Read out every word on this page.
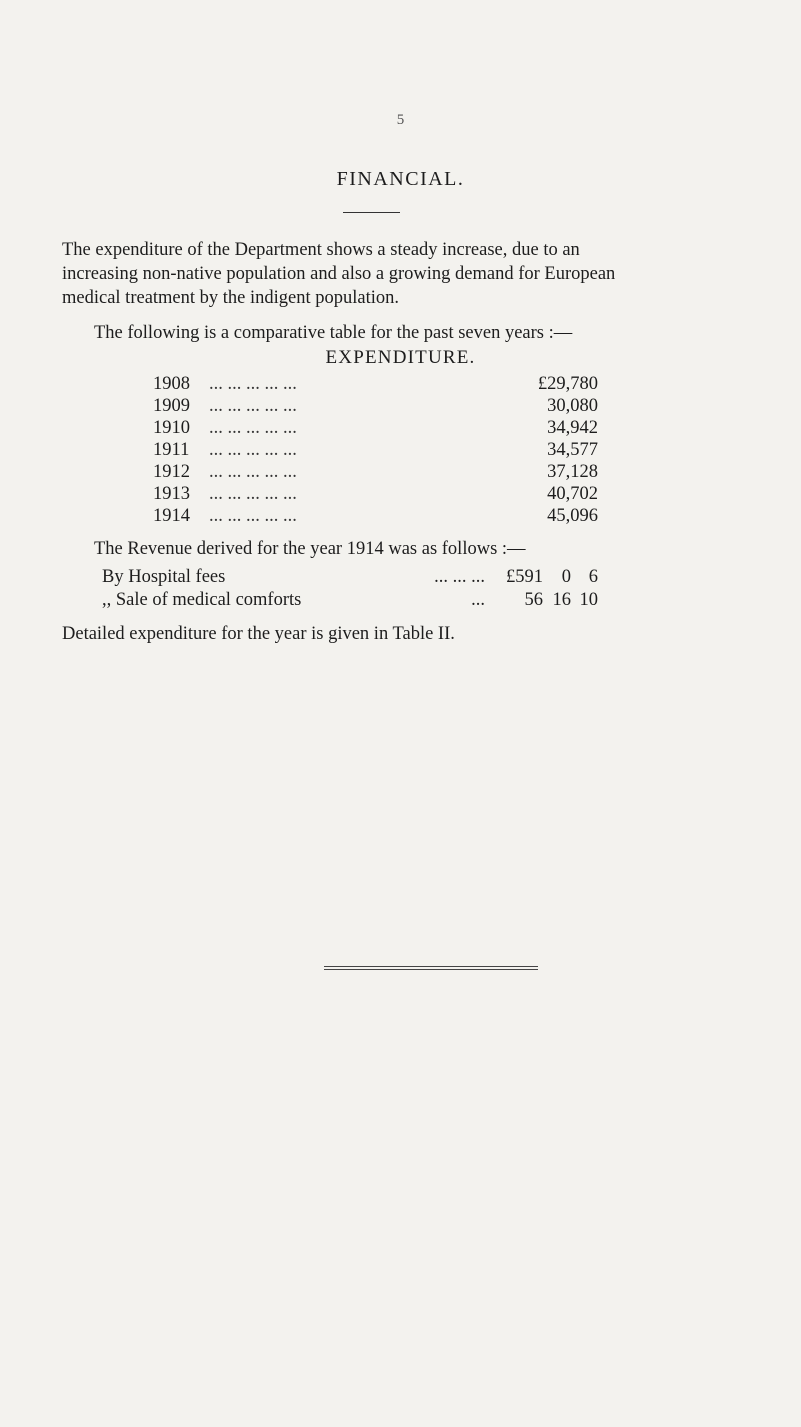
5
FINANCIAL.
The expenditure of the Department shows a steady increase, due to an
increasing non-native population and also a growing demand for European
medical treatment by the indigent population.
The following is a comparative table for the past seven years :—
EXPENDITURE.
1908	... ... ... ... ...	£29,780
1909	... ... ... ... ...	30,080
1910	... ... ... ... ...	34,942
1911	... ... ... ... ...	34,577
1912	... ... ... ... ...	37,128
1913	... ... ... ... ...	40,702
1914	... ... ... ... ...	45,096
The Revenue derived for the year 1914 was as follows :—
By Hospital fees	... ... ...	£591	0 6
,, Sale of medical comforts	...	56 16 10
Detailed expenditure for the year is given in Table II.
